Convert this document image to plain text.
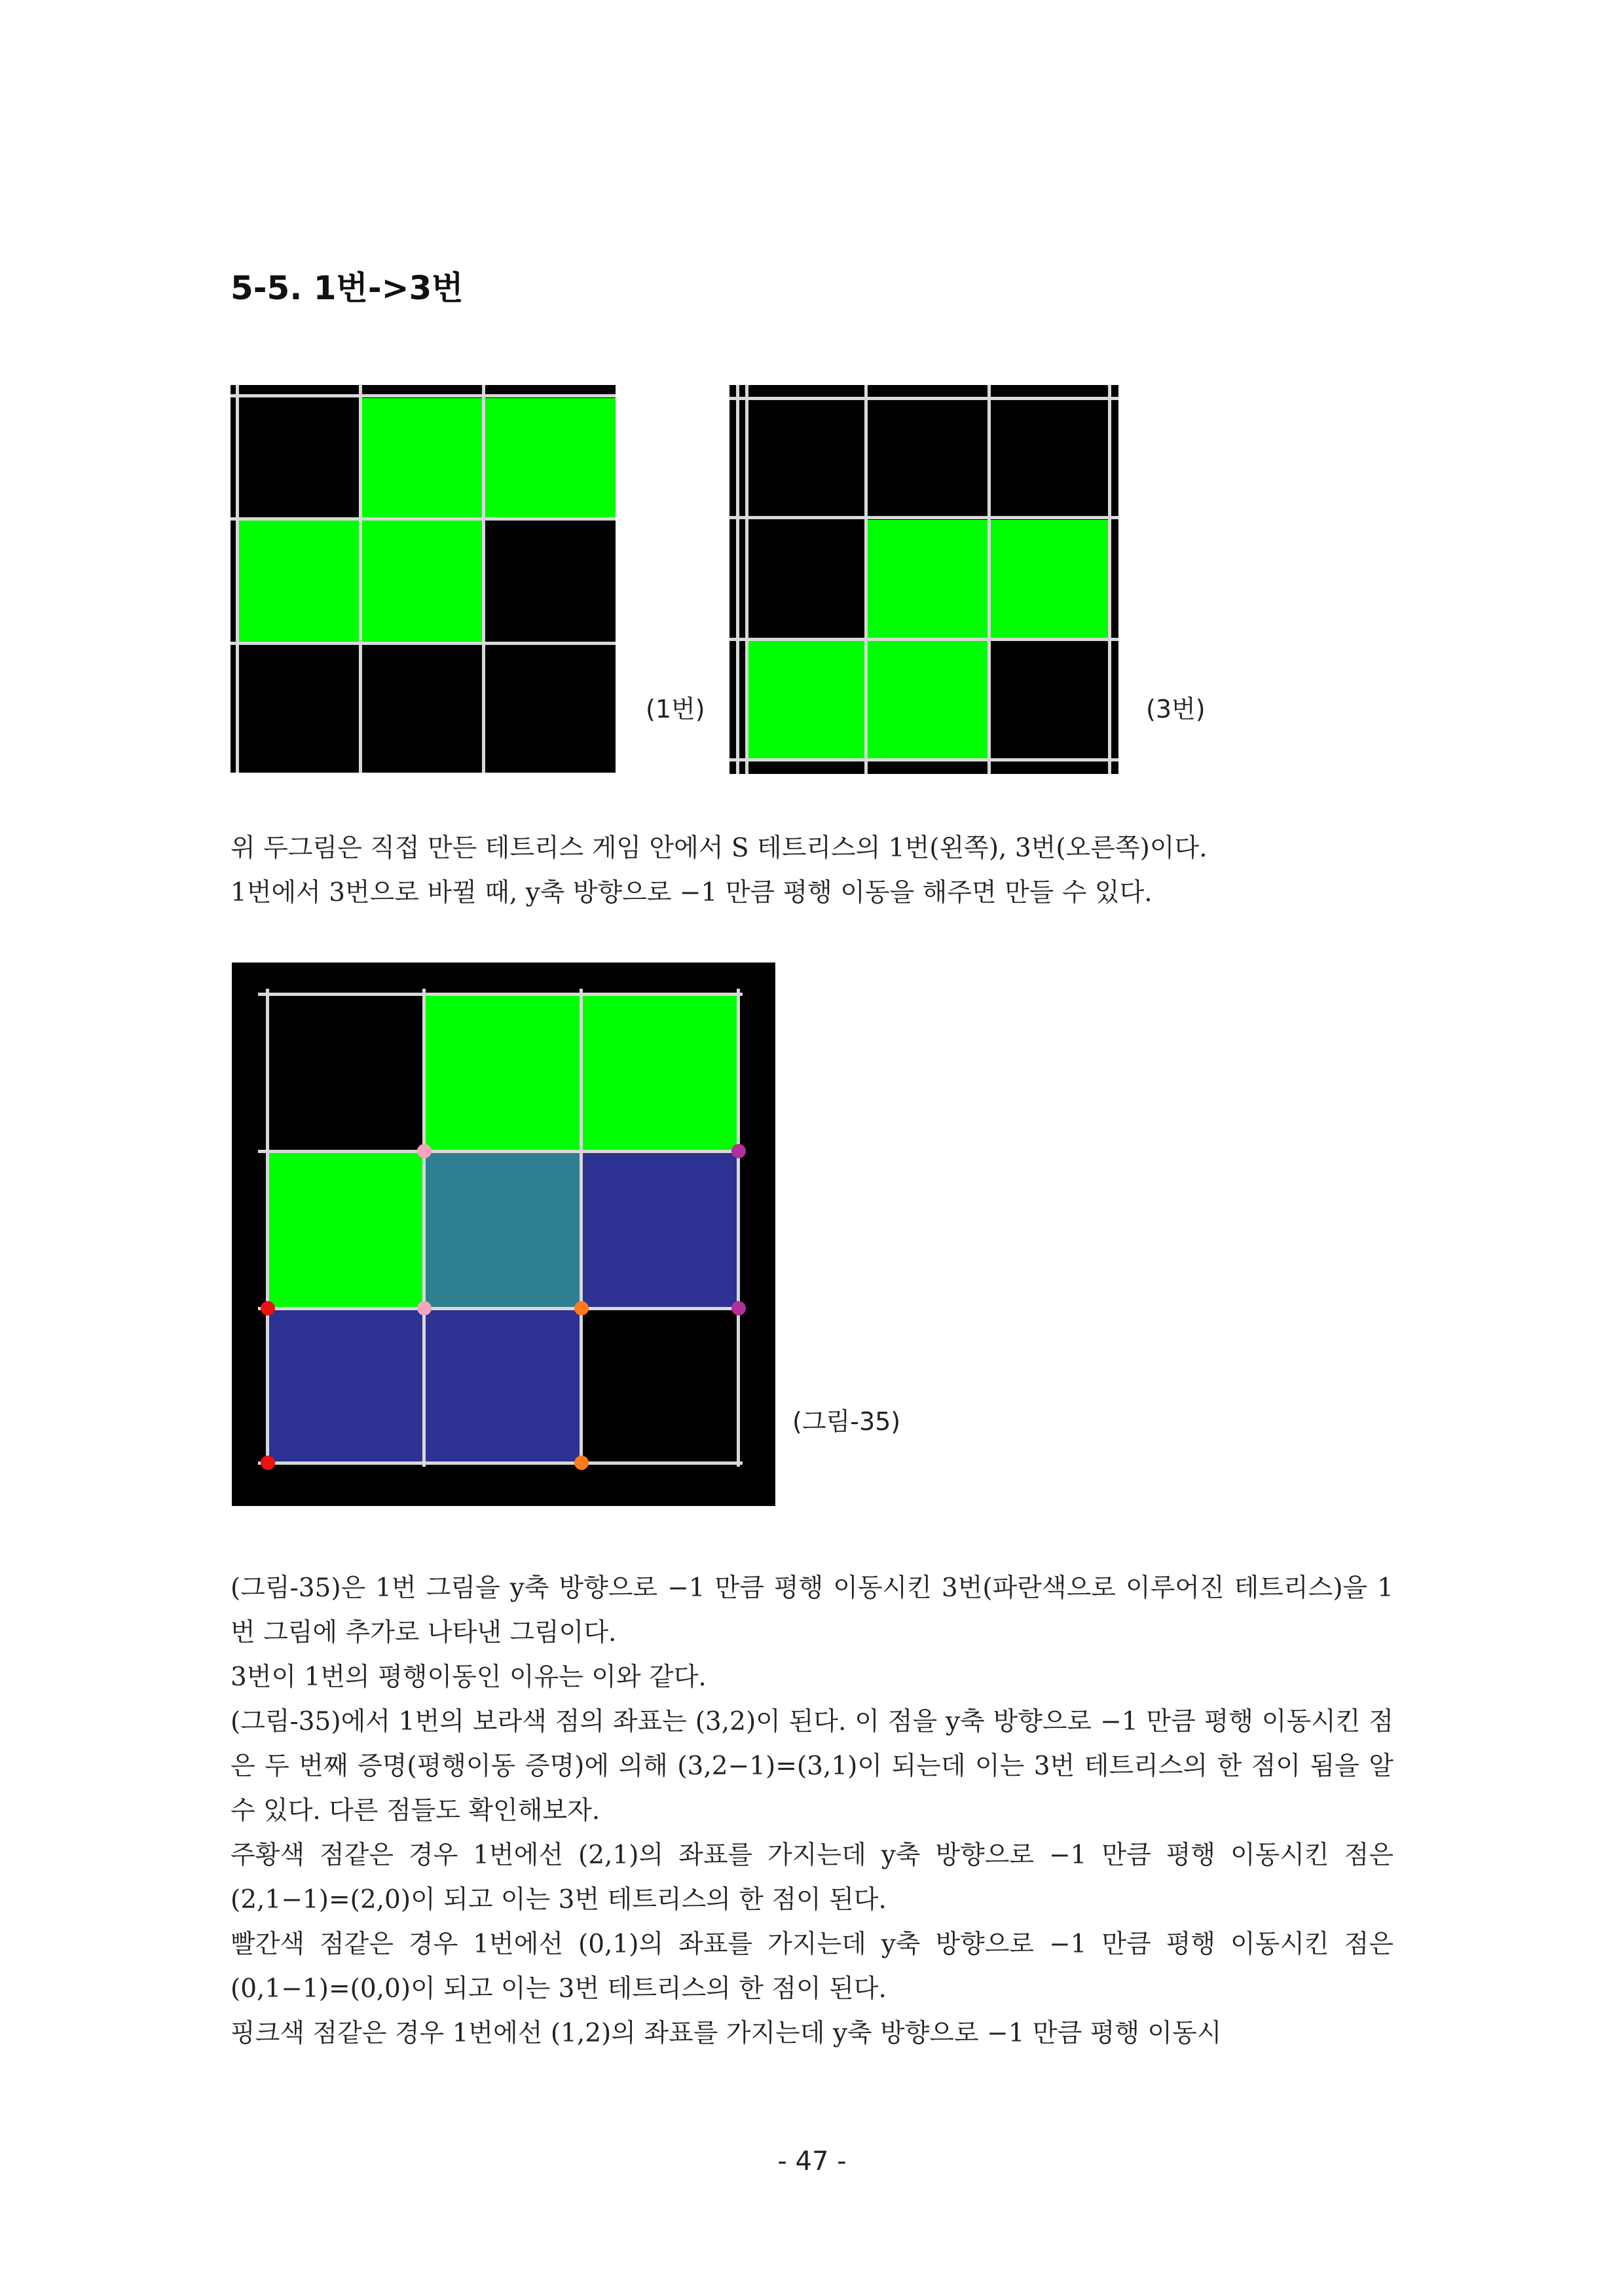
5-5. 1번->3번
(1번)	(3번)

위 두그림은 직접 만든 테트리스 게임 안에서 S 테트리스의 1번(왼쪽), 3번(오른쪽)이다.

1번에서 3번으로 바뀔 때, y축 방향으로 −1 만큼 평행 이동을 해주면 만들 수 있다.

(그림-35)

(그림-35)은 1번 그림을 y축 방향으로 −1 만큼 평행 이동시킨 3번(파란색으로 이루어진 테트리스)을 1번 그림에 추가로 나타낸 그림이다.

3번이 1번의 평행이동인 이유는 이와 같다.

(그림-35)에서 1번의 보라색 점의 좌표는 (3,2)이 된다. 이 점을 y축 방향으로 −1 만큼 평행 이동시킨 점은 두 번째 증명(평행이동 증명)에 의해 (3,2−1)=(3,1)이 되는데 이는 3번 테트리스의 한 점이 됨을 알 수 있다. 다른 점들도 확인해보자.

주황색 점같은 경우 1번에선 (2,1)의 좌표를 가지는데 y축 방향으로 −1 만큼 평행 이동시킨 점은 (2,1−1)=(2,0)이 되고 이는 3번 테트리스의 한 점이 된다.

빨간색 점같은 경우 1번에선 (0,1)의 좌표를 가지는데 y축 방향으로 −1 만큼 평행 이동시킨 점은 (0,1−1)=(0,0)이 되고 이는 3번 테트리스의 한 점이 된다.

핑크색 점같은 경우 1번에선 (1,2)의 좌표를 가지는데 y축 방향으로 −1 만큼 평행 이동시

- 47 -
